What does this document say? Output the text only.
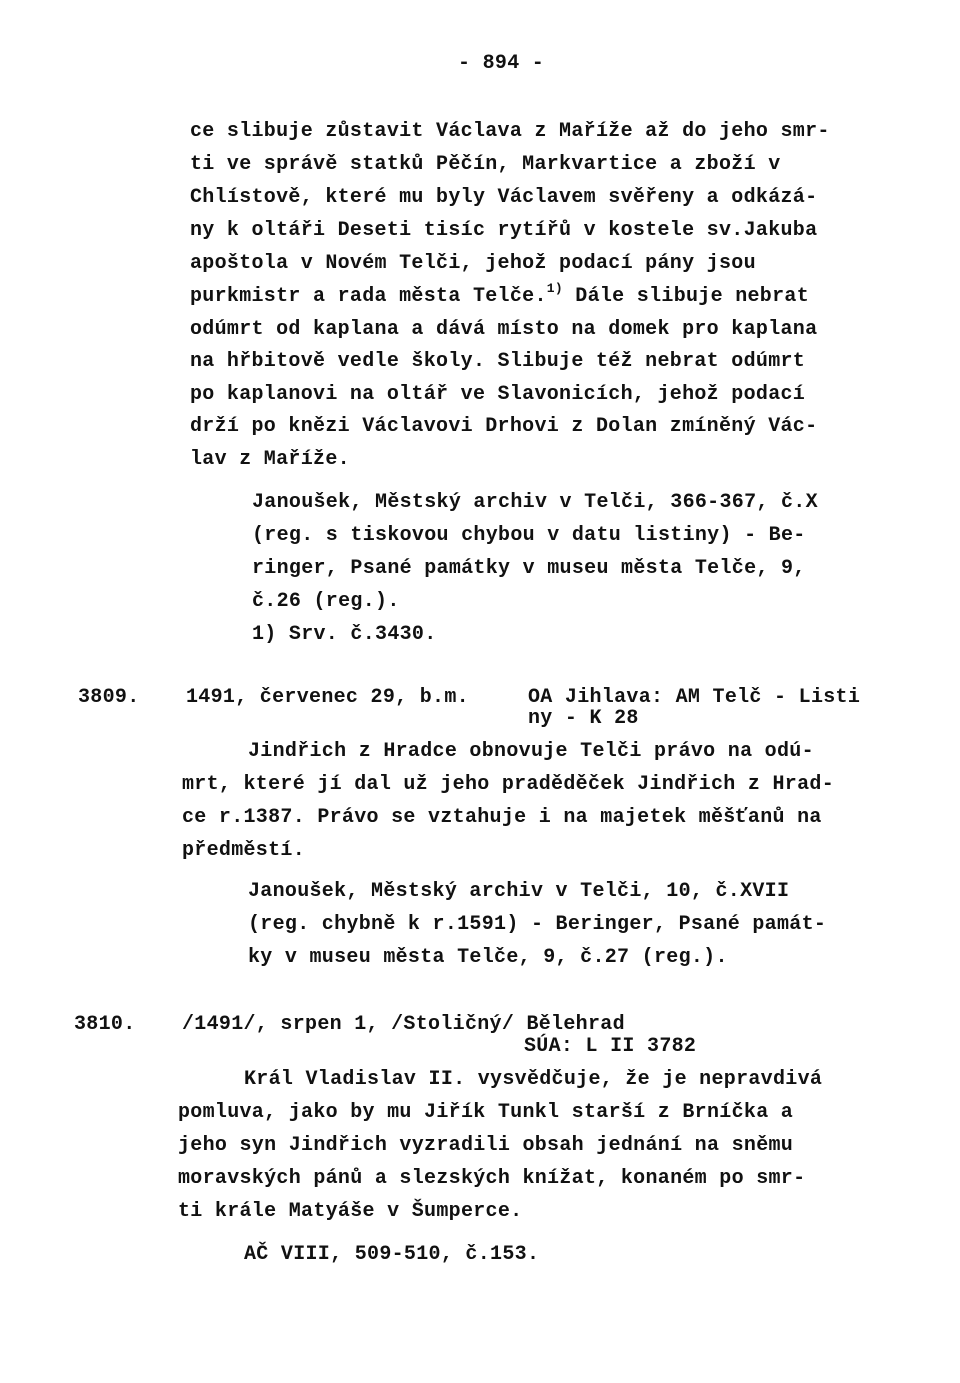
- 894 -
ce slibuje zůstavit Václava z Maříže až do jeho smr-
ti ve správě statků Pěčín, Markvartice a zboží v
Chlístově, které mu byly Václavem svěřeny a odkázá-
ny k oltáři Deseti tisíc rytířů v kostele sv.Jakuba
apoštola v Novém Telči, jehož podací pány jsou
purkmistr a rada města Telče.$^{1)}$ Dále slibuje nebrat
odúmrt od kaplana a dává místo na domek pro kaplana
na hřbitově vedle školy. Slibuje též nebrat odúmrt
po kaplanovi na oltář ve Slavonicích, jehož podací
drží po knězi Václavovi Drhovi z Dolan zmíněný Vác-
lav z Maříže.
Janoušek, Městský archiv v Telči, 366-367, č.X
(reg. s tiskovou chybou v datu listiny) - Be-
ringer, Psané památky v museu města Telče, 9,
č.26 (reg.).
1) Srv. č.3430.
3809. 1491, červenec 29, b.m.	OA Jihlava: AM Telč - Listi
ny - K 28
Jindřich z Hradce obnovuje Telči právo na odú-
mrt, které jí dal už jeho praděděček Jindřich z Hrad-
ce r.1387. Právo se vztahuje i na majetek měšťanů na
předměstí.
Janoušek, Městský archiv v Telči, 10, č.XVII
(reg. chybně k r.1591) - Beringer, Psané památ-
ky v museu města Telče, 9, č.27 (reg.).
3810. /1491/, srpen 1, /Stoličný/ Bělehrad
SÚA: L II 3782
Král Vladislav II. vysvědčuje, že je nepravdivá
pomluva, jako by mu Jiřík Tunkl starší z Brníčka a
jeho syn Jindřich vyzradili obsah jednání na sněmu
moravských pánů a slezských knížat, konaném po smr-
ti krále Matyáše v Šumperce.
AČ VIII, 509-510, č.153.
